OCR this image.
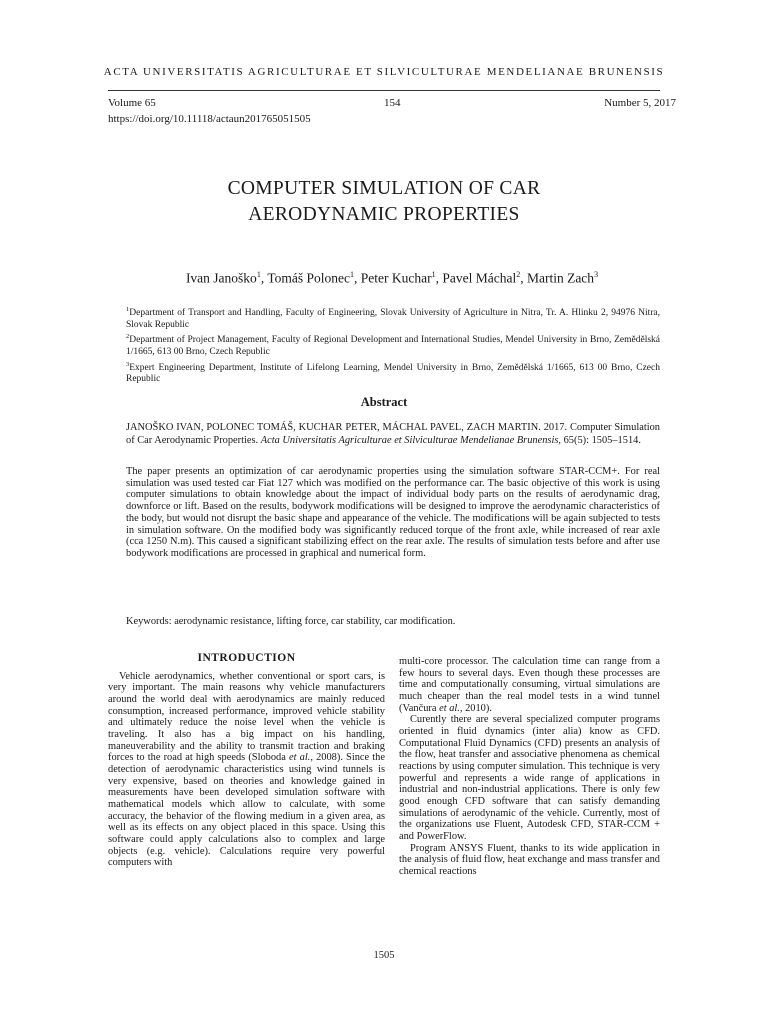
ACTA UNIVERSITATIS AGRICULTURAE ET SILVICULTURAE MENDELIANAE BRUNENSIS
Volume 65	154	Number 5, 2017
https://doi.org/10.11118/actaun201765051505
COMPUTER SIMULATION OF CAR
AERODYNAMIC PROPERTIES
Ivan Janoško$^1$, Tomáš Polonec$^1$, Peter Kuchar$^1$, Pavel Máchal$^2$, Martin Zach$^3$
$^1$Department of Transport and Handling, Faculty of Engineering, Slovak University of Agriculture in Nitra, Tr. A. Hlinku 2, 94976 Nitra, Slovak Republic
$^2$Department of Project Management, Faculty of Regional Development and International Studies, Mendel University in Brno, Zemědělská 1/1665, 613 00 Brno, Czech Republic
$^3$Expert Engineering Department, Institute of Lifelong Learning, Mendel University in Brno, Zemědělská 1/1665, 613 00 Brno, Czech Republic
Abstract
JANOŠKO IVAN, POLONEC TOMÁŠ, KUCHAR PETER, MÁCHAL PAVEL, ZACH MARTIN. 2017. Computer Simulation of Car Aerodynamic Properties. Acta Universitatis Agriculturae et Silviculturae Mendelianae Brunensis, 65(5): 1505–1514.
The paper presents an optimization of car aerodynamic properties using the simulation software STAR-CCM+. For real simulation was used tested car Fiat 127 which was modified on the performance car. The basic objective of this work is using computer simulations to obtain knowledge about the impact of individual body parts on the results of aerodynamic drag, downforce or lift. Based on the results, bodywork modifications will be designed to improve the aerodynamic characteristics of the body, but would not disrupt the basic shape and appearance of the vehicle. The modifications will be again subjected to tests in simulation software. On the modified body was significantly reduced torque of the front axle, while increased of rear axle (cca 1250 N.m). This caused a significant stabilizing effect on the rear axle. The results of simulation tests before and after use bodywork modifications are processed in graphical and numerical form.
Keywords: aerodynamic resistance, lifting force, car stability, car modification.
INTRODUCTION

Vehicle aerodynamics, whether conventional or sport cars, is very important. The main reasons why vehicle manufacturers around the world deal with aerodynamics are mainly reduced consumption, increased performance, improved vehicle stability and ultimately reduce the noise level when the vehicle is traveling. It also has a big impact on his handling, maneuverability and the ability to transmit traction and braking forces to the road at high speeds (Sloboda et al., 2008). Since the detection of aerodynamic characteristics using wind tunnels is very expensive, based on theories and knowledge gained in measurements have been developed simulation software with mathematical models which allow to calculate, with some accuracy, the behavior of the flowing medium in a given area, as well as its effects on any object placed in this space. Using this software could apply calculations also to complex and large objects (e.g. vehicle). Calculations require very powerful computers with

multi-core processor. The calculation time can range from a few hours to several days. Even though these processes are time and computationally consuming, virtual simulations are much cheaper than the real model tests in a wind tunnel (Vančura et al., 2010).

Curently there are several specialized computer programs oriented in fluid dynamics (inter alia) know as CFD. Computational Fluid Dynamics (CFD) presents an analysis of the flow, heat transfer and associative phenomena as chemical reactions by using computer simulation. This technique is very powerful and represents a wide range of applications in industrial and non-industrial applications. There is only few good enough CFD software that can satisfy demanding simulations of aerodynamic of the vehicle. Currently, most of the organizations use Fluent, Autodesk CFD, STAR-CCM + and PowerFlow.

Program ANSYS Fluent, thanks to its wide application in the analysis of fluid flow, heat exchange and mass transfer and chemical reactions

1505
